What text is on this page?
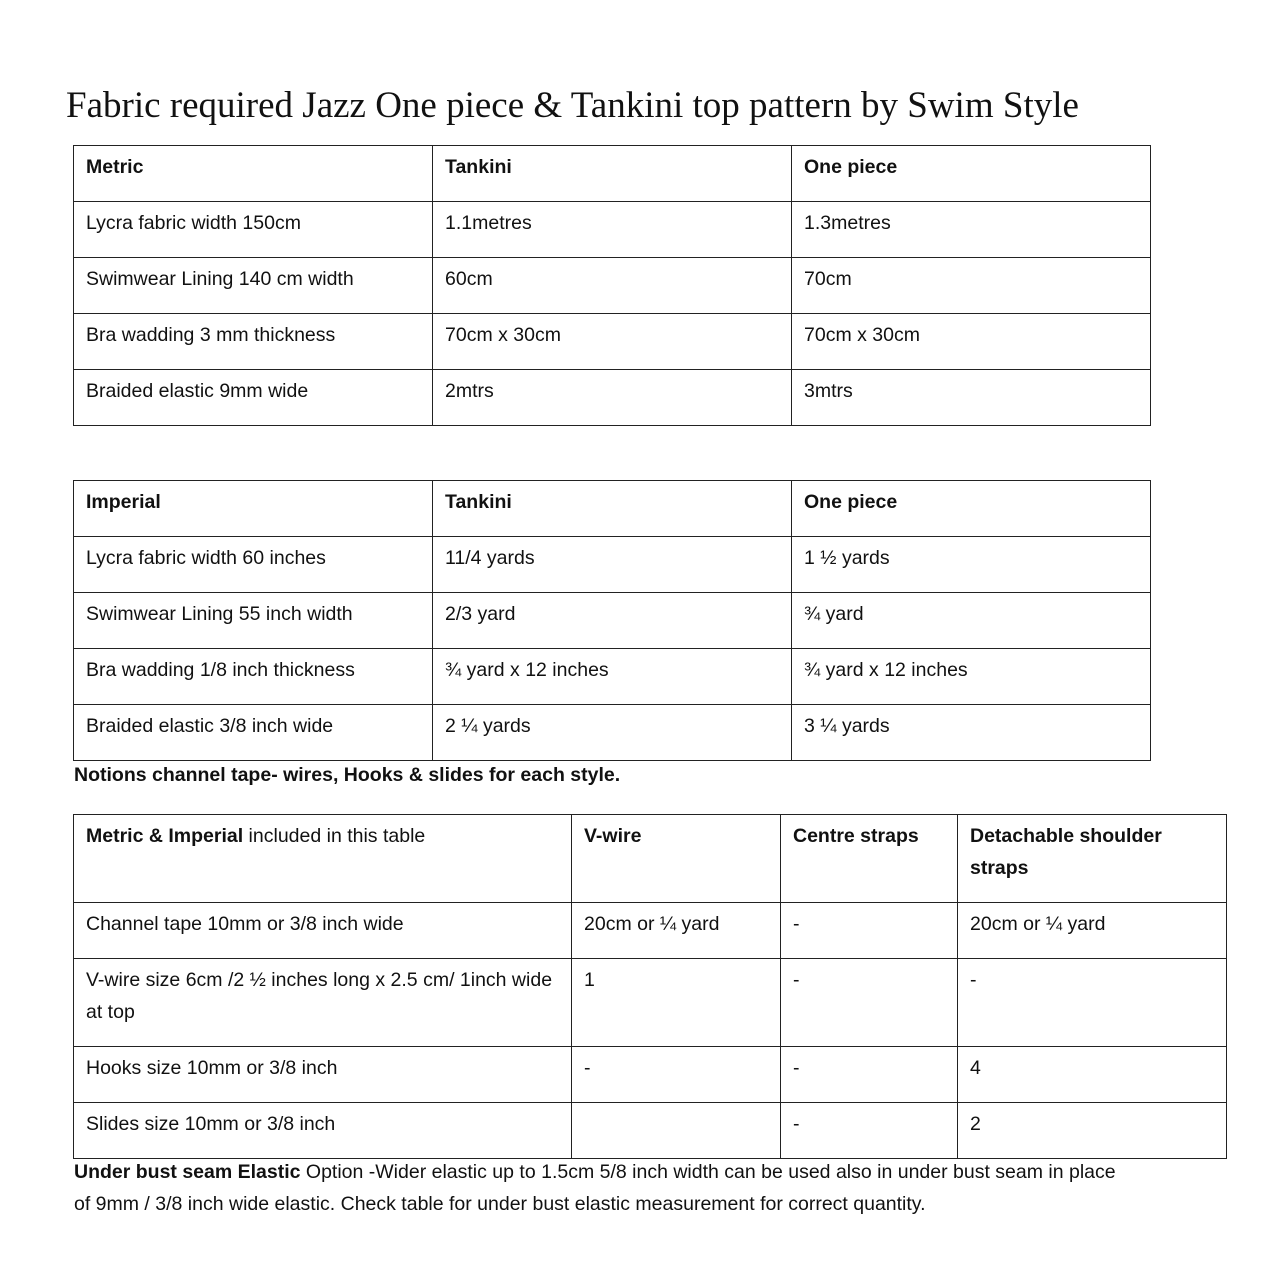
Fabric required Jazz One piece & Tankini top pattern by Swim Style
Metric	Tankini	One piece
Lycra fabric width 150cm	1.1metres	1.3metres
Swimwear Lining 140 cm width	60cm	70cm
Bra wadding 3 mm thickness	70cm x 30cm	70cm x 30cm
Braided elastic 9mm wide	2mtrs	3mtrs
Imperial	Tankini	One piece
Lycra fabric width 60 inches	11/4 yards	1 ½ yards
Swimwear Lining 55 inch width	2/3 yard	¾ yard
Bra wadding 1/8 inch thickness	¾ yard x 12 inches	¾ yard x 12 inches
Braided elastic 3/8 inch wide	2 ¼ yards	3 ¼ yards

Notions channel tape- wires, Hooks & slides for each style.

Metric & Imperial included in this table	V-wire	Centre straps	Detachable shoulder straps
Channel tape 10mm or 3/8 inch wide	20cm or ¼ yard	-	20cm or ¼ yard
V-wire size 6cm /2 ½ inches long x 2.5 cm/ 1inch wide at top	1	-	-
Hooks size 10mm or 3/8 inch	-	-	4
Slides size 10mm or 3/8 inch		-	2

Under bust seam Elastic Option -Wider elastic up to 1.5cm 5/8 inch width can be used also in under bust seam in place of 9mm / 3/8 inch wide elastic. Check table for under bust elastic measurement for correct quantity.
